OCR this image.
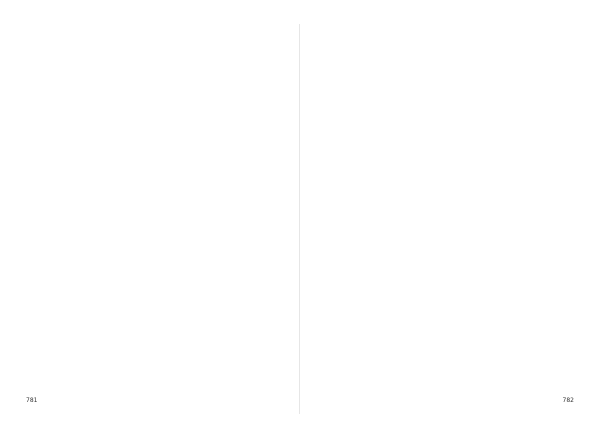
781	782
